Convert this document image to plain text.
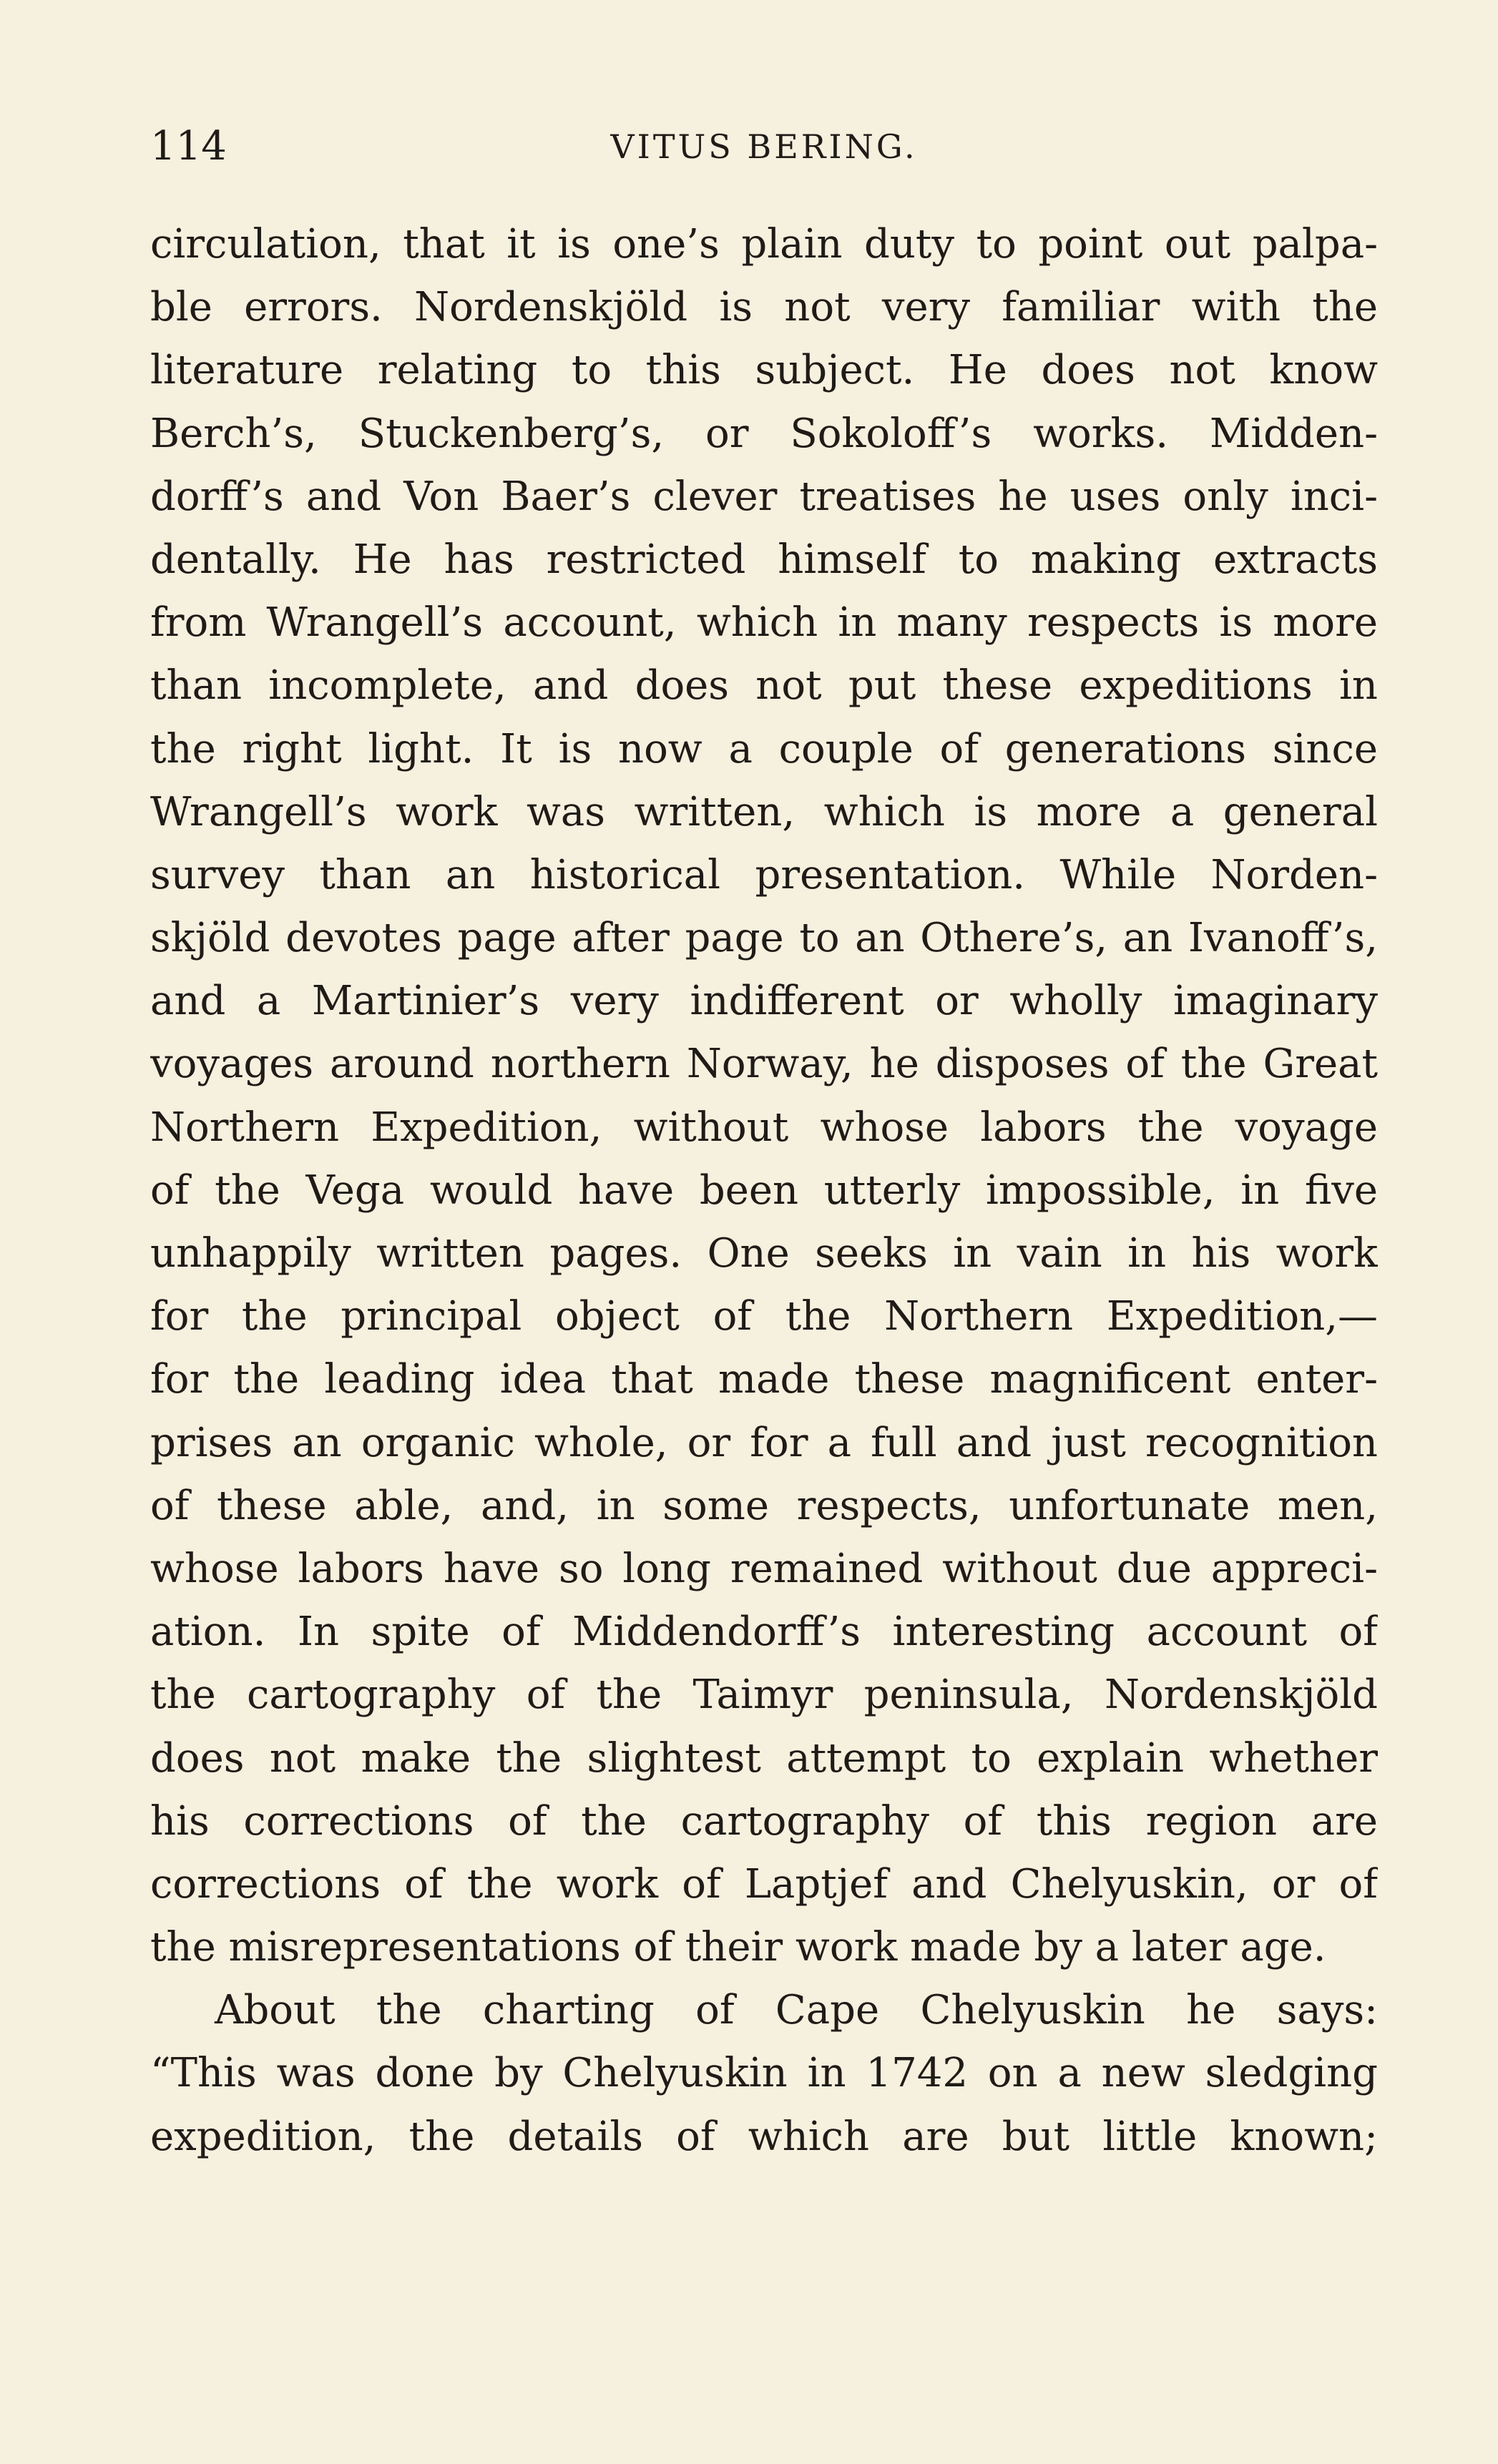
114	VITUS BERING.
circulation, that it is one’s plain duty to point out palpa-
ble errors. Nordenskjöld is not very familiar with the
literature relating to this subject. He does not know
Berch’s, Stuckenberg’s, or Sokoloff’s works. Midden-
dorff’s and Von Baer’s clever treatises he uses only inci-
dentally. He has restricted himself to making extracts
from Wrangell’s account, which in many respects is more
than incomplete, and does not put these expeditions in
the right light. It is now a couple of generations since
Wrangell’s work was written, which is more a general
survey than an historical presentation. While Norden-
skjöld devotes page after page to an Othere’s, an Ivanoff’s,
and a Martinier’s very indifferent or wholly imaginary
voyages around northern Norway, he disposes of the Great
Northern Expedition, without whose labors the voyage
of the Vega would have been utterly impossible, in five
unhappily written pages. One seeks in vain in his work
for the principal object of the Northern Expedition,—
for the leading idea that made these magnificent enter-
prises an organic whole, or for a full and just recognition
of these able, and, in some respects, unfortunate men,
whose labors have so long remained without due appreci-
ation. In spite of Middendorff’s interesting account of
the cartography of the Taimyr peninsula, Nordenskjöld
does not make the slightest attempt to explain whether
his corrections of the cartography of this region are
corrections of the work of Laptjef and Chelyuskin, or of
the misrepresentations of their work made by a later age.
About the charting of Cape Chelyuskin he says:
“This was done by Chelyuskin in 1742 on a new sledging
expedition, the details of which are but little known;
